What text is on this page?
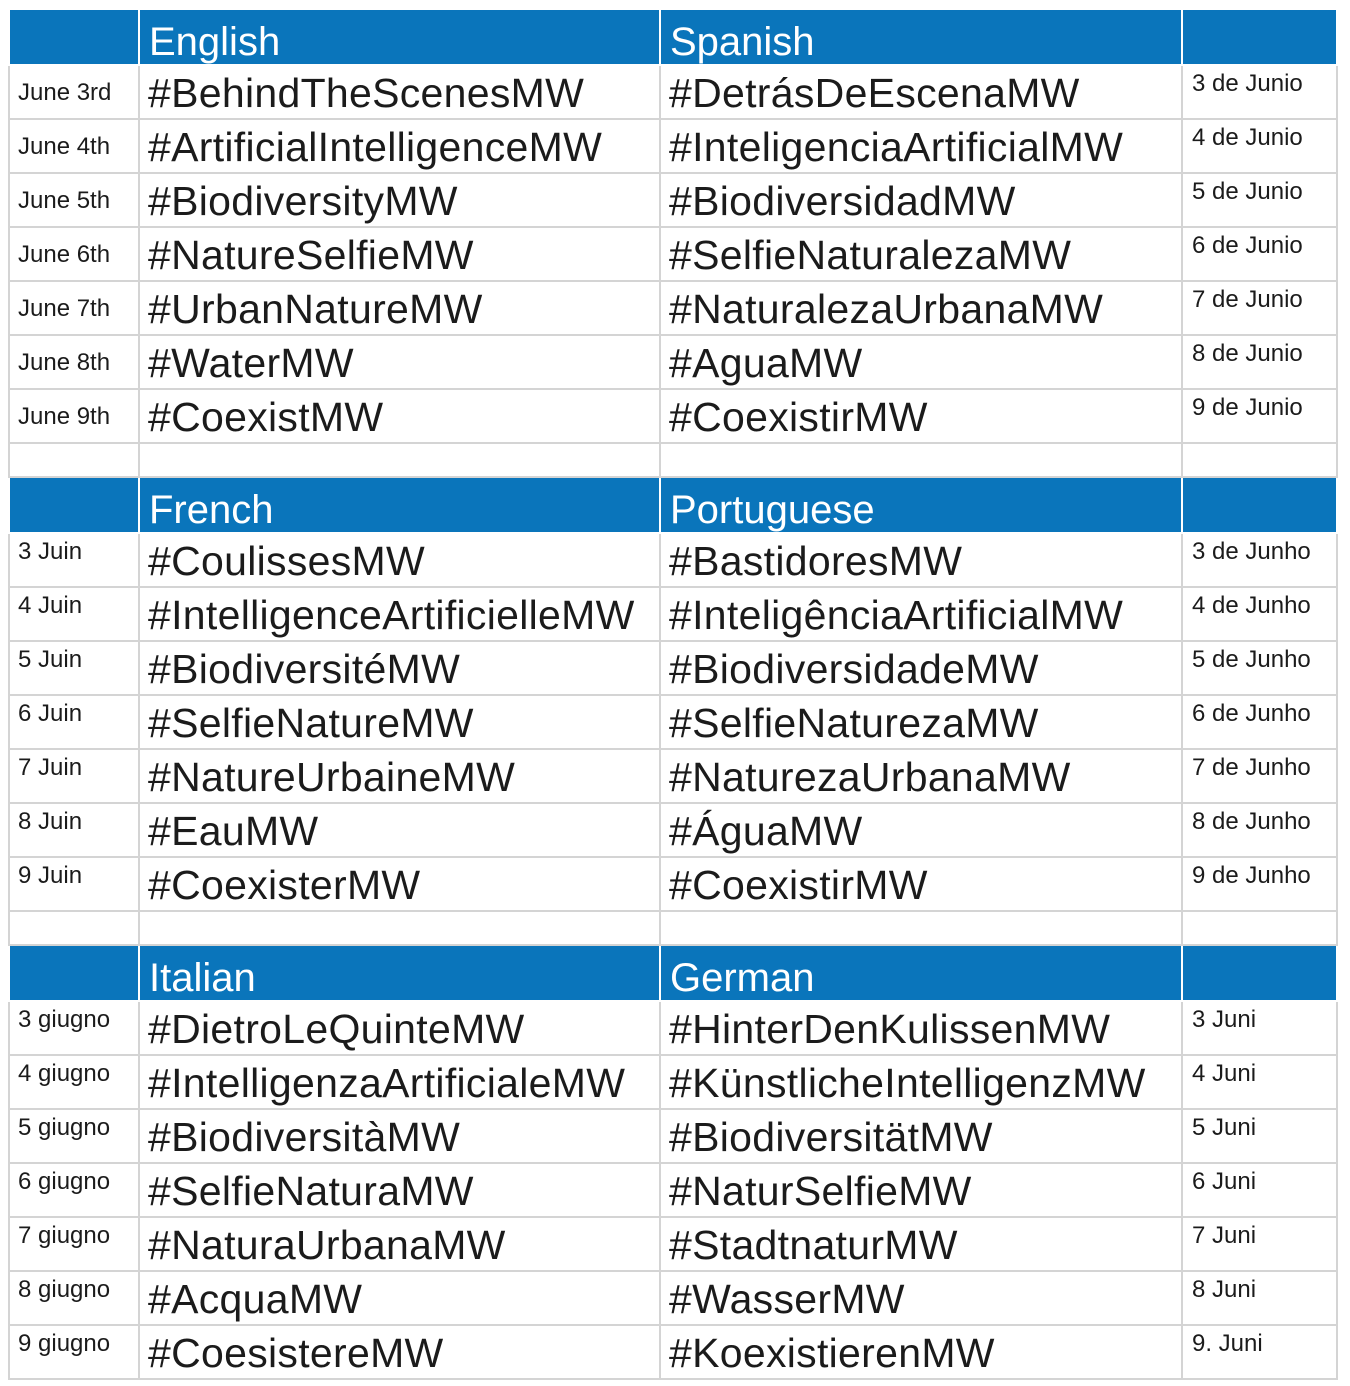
	English	Spanish	
June 3rd	#BehindTheScenesMW	#DetrásDeEscenaMW	3 de Junio
June 4th	#ArtificialIntelligenceMW	#InteligenciaArtificialMW	4 de Junio
June 5th	#BiodiversityMW	#BiodiversidadMW	5 de Junio
June 6th	#NatureSelfieMW	#SelfieNaturalezaMW	6 de Junio
June 7th	#UrbanNatureMW	#NaturalezaUrbanaMW	7 de Junio
June 8th	#WaterMW	#AguaMW	8 de Junio
June 9th	#CoexistMW	#CoexistirMW	9 de Junio

	French	Portuguese	
3 Juin	#CoulissesMW	#BastidoresMW	3 de Junho
4 Juin	#IntelligenceArtificielleMW	#InteligênciaArtificialMW	4 de Junho
5 Juin	#BiodiversitéMW	#BiodiversidadeMW	5 de Junho
6 Juin	#SelfieNatureMW	#SelfieNaturezaMW	6 de Junho
7 Juin	#NatureUrbaineMW	#NaturezaUrbanaMW	7 de Junho
8 Juin	#EauMW	#ÁguaMW	8 de Junho
9 Juin	#CoexisterMW	#CoexistirMW	9 de Junho

	Italian	German	
3 giugno	#DietroLeQuinteMW	#HinterDenKulissenMW	3 Juni
4 giugno	#IntelligenzaArtificialeMW	#KünstlicheIntelligenzMW	4 Juni
5 giugno	#BiodiversitàMW	#BiodiversitätMW	5 Juni
6 giugno	#SelfieNaturaMW	#NaturSelfieMW	6 Juni
7 giugno	#NaturaUrbanaMW	#StadtnaturMW	7 Juni
8 giugno	#AcquaMW	#WasserMW	8 Juni
9 giugno	#CoesistereMW	#KoexistierenMW	9. Juni
